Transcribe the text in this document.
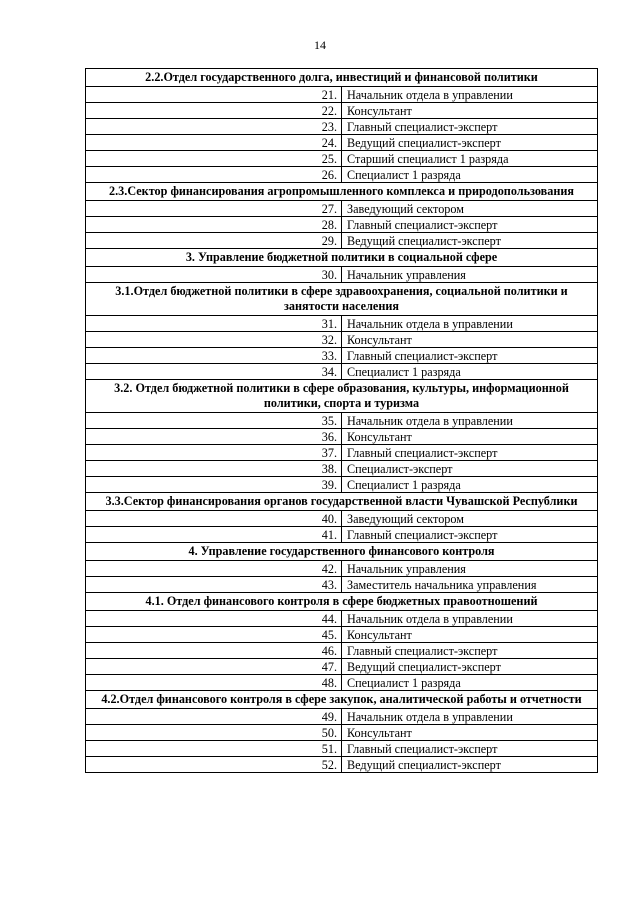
14
2.2.Отдел государственного долга, инвестиций и финансовой политики	
21.	Начальник отдела в управлении
22.	Консультант
23.	Главный специалист-эксперт
24.	Ведущий специалист-эксперт
25.	Старший специалист 1 разряда
26.	Специалист 1 разряда
2.3.Сектор финансирования агропромышленного комплекса и природопользования	
27.	Заведующий сектором
28.	Главный специалист-эксперт
29.	Ведущий специалист-эксперт
3. Управление бюджетной политики в социальной сфере	
30.	Начальник управления
3.1.Отдел бюджетной политики в сфере здравоохранения, социальной политики и занятости населения	
31.	Начальник отдела в управлении
32.	Консультант
33.	Главный специалист-эксперт
34.	Специалист 1 разряда
3.2. Отдел бюджетной политики в сфере образования, культуры, информационной политики, спорта и туризма	
35.	Начальник отдела в управлении
36.	Консультант
37.	Главный специалист-эксперт
38.	Специалист-эксперт
39.	Специалист 1 разряда
3.3.Сектор финансирования органов государственной власти Чувашской Республики	
40.	Заведующий сектором
41.	Главный специалист-эксперт
4. Управление государственного финансового контроля	
42.	Начальник управления
43.	Заместитель начальника управления
4.1. Отдел финансового контроля в сфере бюджетных правоотношений	
44.	Начальник отдела в управлении
45.	Консультант
46.	Главный специалист-эксперт
47.	Ведущий специалист-эксперт
48.	Специалист 1 разряда
4.2.Отдел финансового контроля в сфере закупок, аналитической работы и отчетности	
49.	Начальник отдела в управлении
50.	Консультант
51.	Главный специалист-эксперт
52.	Ведущий специалист-эксперт
